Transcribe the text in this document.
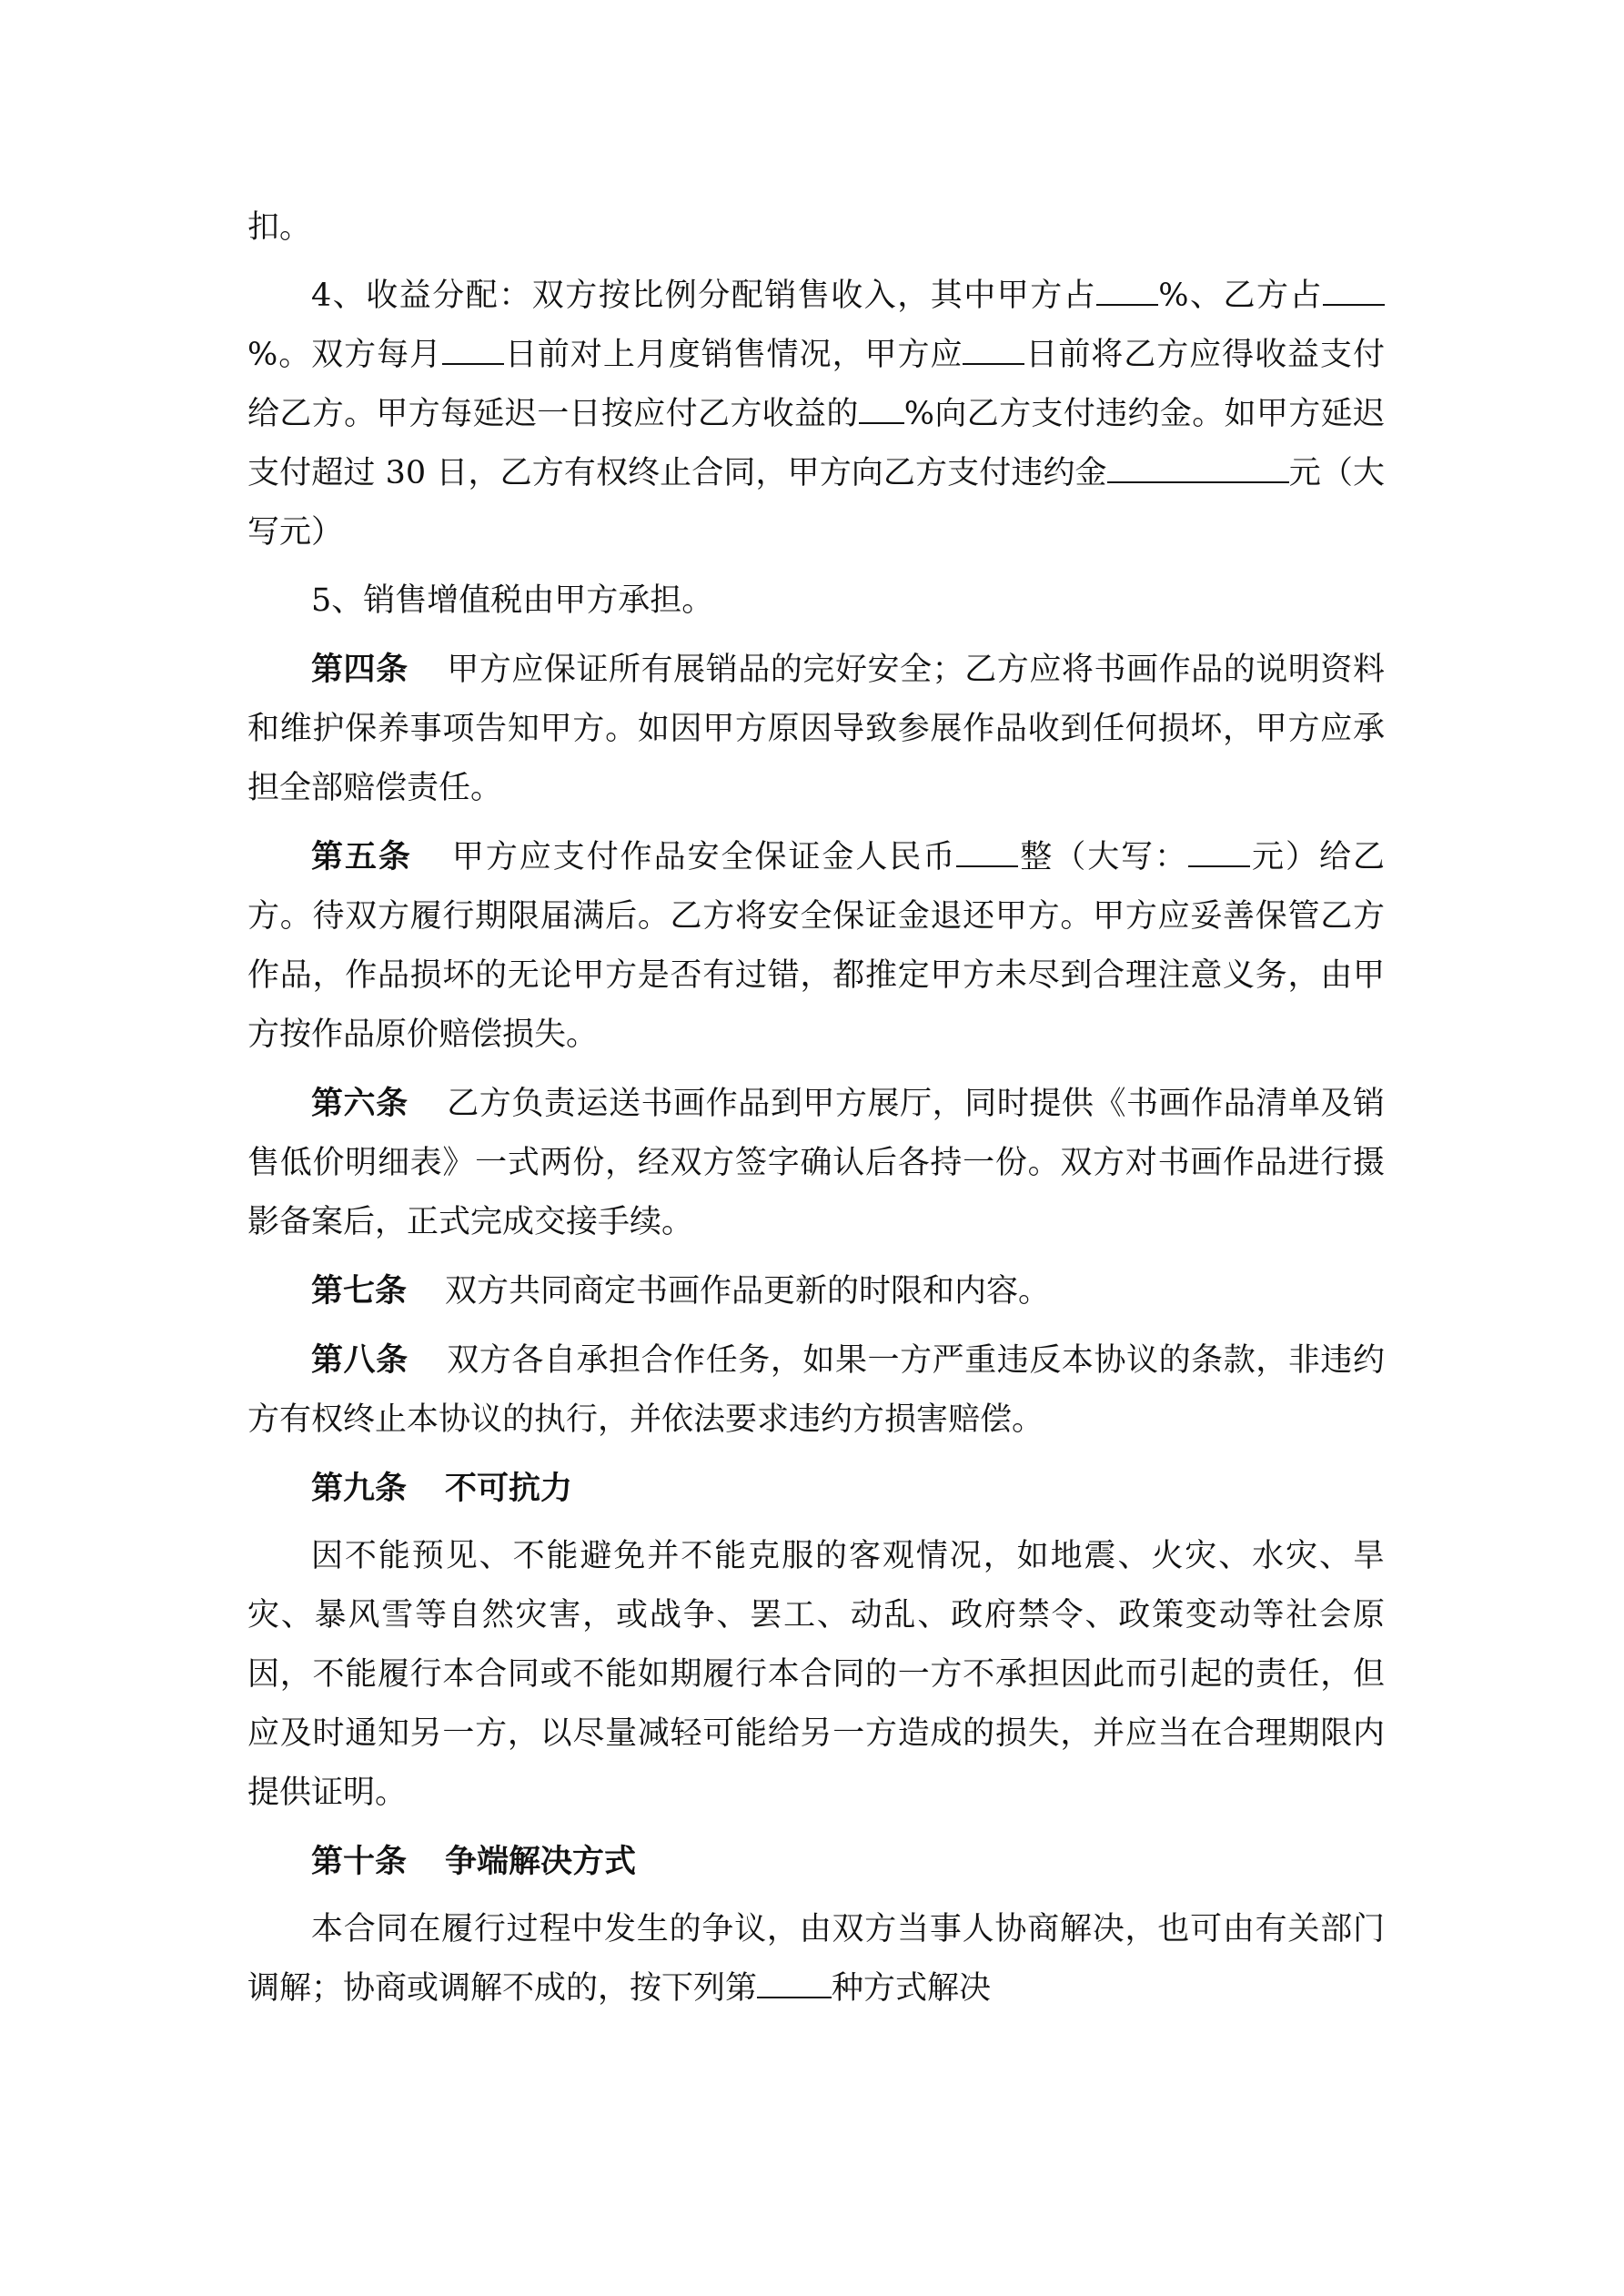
扣。

4、收益分配：双方按比例分配销售收入，其中甲方占 %、乙方占%。双方每月 日前对上月度销售情况，甲方应 日前将乙方应得收益支付给乙方。甲方每延迟一日按应付乙方收益的 %向乙方支付违约金。如甲方延迟支付超过 30 日，乙方有权终止合同，甲方向乙方支付违约金	元（大写元）

5、销售增值税由甲方承担。

第四条 甲方应保证所有展销品的完好安全；乙方应将书画作品的说明资料和维护保养事项告知甲方。如因甲方原因导致参展作品收到任何损坏，甲方应承担全部赔偿责任。

第五条 甲方应支付作品安全保证金人民币 整（大写： 元）给乙方。待双方履行期限届满后。乙方将安全保证金退还甲方。甲方应妥善保管乙方作品，作品损坏的无论甲方是否有过错，都推定甲方未尽到合理注意义务，由甲方按作品原价赔偿损失。

第六条 乙方负责运送书画作品到甲方展厅，同时提供《书画作品清单及销售低价明细表》一式两份，经双方签字确认后各持一份。双方对书画作品进行摄影备案后，正式完成交接手续。

第七条 双方共同商定书画作品更新的时限和内容。

第八条 双方各自承担合作任务，如果一方严重违反本协议的条款，非违约方有权终止本协议的执行，并依法要求违约方损害赔偿。

第九条 不可抗力

因不能预见、不能避免并不能克服的客观情况，如地震、火灾、水灾、旱灾、暴风雪等自然灾害，或战争、罢工、动乱、政府禁令、政策变动等社会原因，不能履行本合同或不能如期履行本合同的一方不承担因此而引起的责任，但应及时通知另一方，以尽量减轻可能给另一方造成的损失，并应当在合理期限内提供证明。

第十条 争端解决方式

本合同在履行过程中发生的争议，由双方当事人协商解决，也可由有关部门调解；协商或调解不成的，按下列第 种方式解决
